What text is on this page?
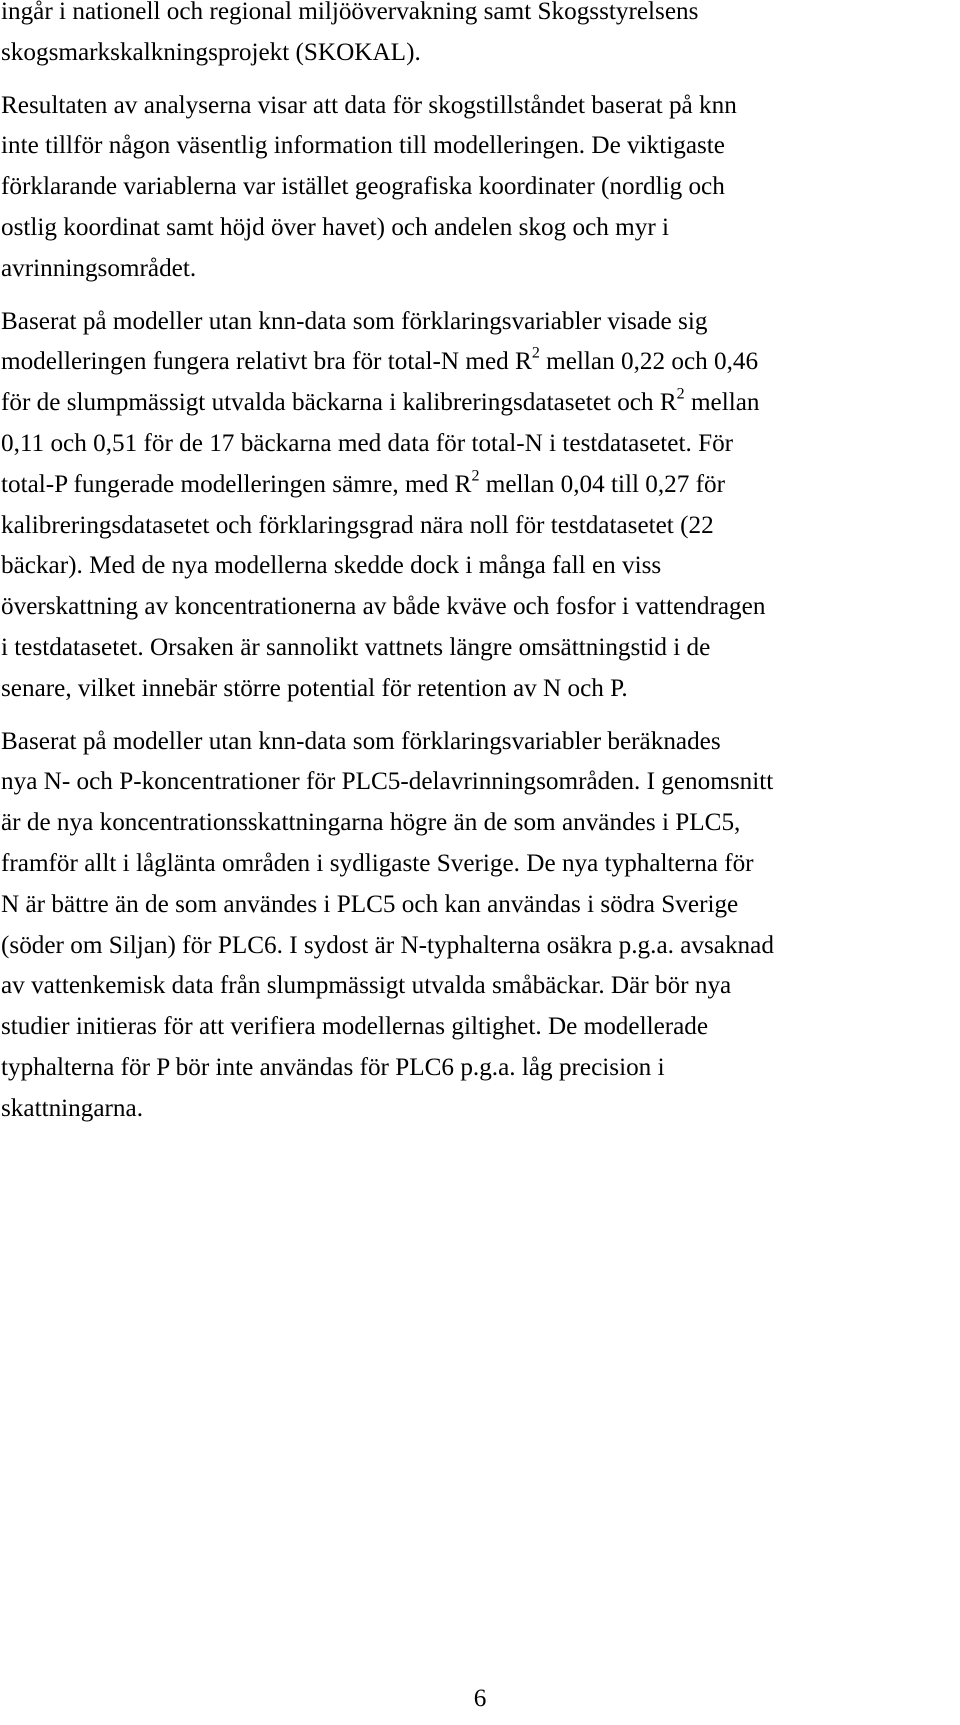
ingår i nationell och regional miljöövervakning samt Skogsstyrelsens
skogsmarkskalkningsprojekt (SKOKAL).

Resultaten av analyserna visar att data för skogstillståndet baserat på knn
inte tillför någon väsentlig information till modelleringen. De viktigaste
förklarande variablerna var istället geografiska koordinater (nordlig och
ostlig koordinat samt höjd över havet) och andelen skog och myr i
avrinningsområdet.

Baserat på modeller utan knn-data som förklaringsvariabler visade sig
modelleringen fungera relativt bra för total-N med $R^2$ mellan 0,22 och 0,46
för de slumpmässigt utvalda bäckarna i kalibreringsdatasetet och $R^2$ mellan
0,11 och 0,51 för de 17 bäckarna med data för total-N i testdatasetet. För
total-P fungerade modelleringen sämre, med $R^2$ mellan 0,04 till 0,27 för
kalibreringsdatasetet och förklaringsgrad nära noll för testdatasetet (22
bäckar). Med de nya modellerna skedde dock i många fall en viss
överskattning av koncentrationerna av både kväve och fosfor i vattendragen
i testdatasetet. Orsaken är sannolikt vattnets längre omsättningstid i de
senare, vilket innebär större potential för retention av N och P.

Baserat på modeller utan knn-data som förklaringsvariabler beräknades
nya N- och P-koncentrationer för PLC5-delavrinningsområden. I genomsnitt
är de nya koncentrationsskattningarna högre än de som användes i PLC5,
framför allt i låglänta områden i sydligaste Sverige. De nya typhalterna för
N är bättre än de som användes i PLC5 och kan användas i södra Sverige
(söder om Siljan) för PLC6. I sydost är N-typhalterna osäkra p.g.a. avsaknad
av vattenkemisk data från slumpmässigt utvalda småbäckar. Där bör nya
studier initieras för att verifiera modellernas giltighet. De modellerade
typhalterna för P bör inte användas för PLC6 p.g.a. låg precision i
skattningarna.

6
